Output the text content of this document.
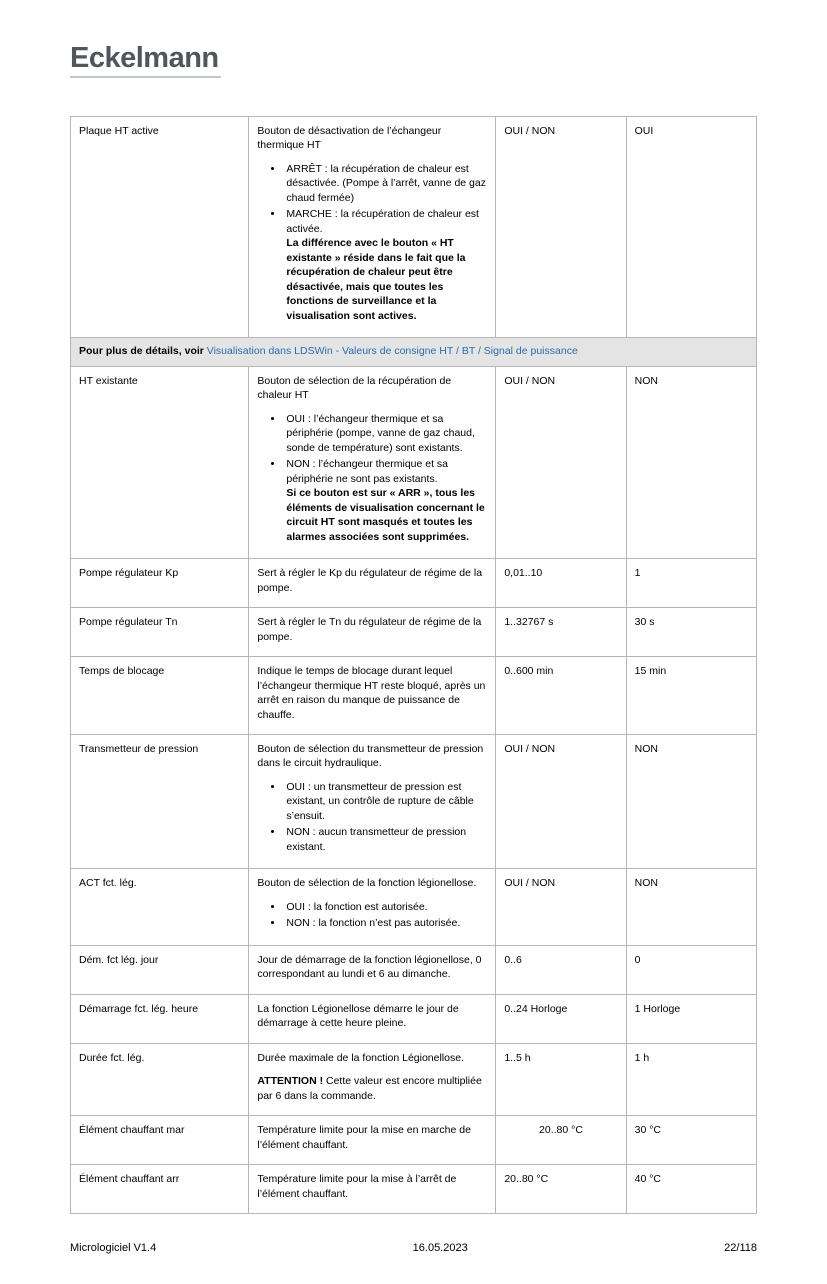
Eckelmann
Plaque HT active	Bouton de désactivation de l’échangeur thermique HT
• ARRÊT : la récupération de chaleur est désactivée. (Pompe à l’arrêt, vanne de gaz chaud fermée)
• MARCHE : la récupération de chaleur est activée.
La différence avec le bouton « HT existante » réside dans le fait que la récupération de chaleur peut être désactivée, mais que toutes les fonctions de surveillance et la visualisation sont actives.
	OUI / NON	OUI
Pour plus de détails, voir Visualisation dans LDSWin - Valeurs de consigne HT / BT / Signal de puissance			
HT existante	Bouton de sélection de la récupération de chaleur HT
• OUI : l’échangeur thermique et sa périphérie (pompe, vanne de gaz chaud, sonde de température) sont existants.
• NON : l’échangeur thermique et sa périphérie ne sont pas existants.
Si ce bouton est sur « ARR », tous les éléments de visualisation concernant le circuit HT sont masqués et toutes les alarmes associées sont supprimées.
	OUI / NON	NON
Pompe régulateur Kp	Sert à régler le Kp du régulateur de régime de la pompe.	0,01..10	1
Pompe régulateur Tn	Sert à régler le Tn du régulateur de régime de la pompe.	1..32767 s	30 s
Temps de blocage	Indique le temps de blocage durant lequel l’échangeur thermique HT reste bloqué, après un arrêt en raison du manque de puissance de chauffe.	0..600 min	15 min
Transmetteur de pression	Bouton de sélection du transmetteur de pression dans le circuit hydraulique.
• OUI : un transmetteur de pression est existant, un contrôle de rupture de câble s’ensuit.
• NON : aucun transmetteur de pression existant.
	OUI / NON	NON
ACT fct. lég.	Bouton de sélection de la fonction légionellose.
• OUI : la fonction est autorisée.
• NON : la fonction n’est pas autorisée.
	OUI / NON	NON
Dém. fct lég. jour	Jour de démarrage de la fonction légionellose, 0 correspondant au lundi et 6 au dimanche.	0..6	0
Démarrage fct. lég. heure	La fonction Légionellose démarre le jour de démarrage à cette heure pleine.	0..24 Horloge	1 Horloge
Durée fct. lég.	Durée maximale de la fonction Légionellose.
ATTENTION ! Cette valeur est encore multipliée par 6 dans la commande.	1..5 h	1 h
Élément chauffant mar	Température limite pour la mise en marche de l’élément chauffant.	20..80 °C	30 °C
Élément chauffant arr	Température limite pour la mise à l’arrêt de l’élément chauffant.	20..80 °C	40 °C
Micrologiciel V1.4	16.05.2023	22/118
